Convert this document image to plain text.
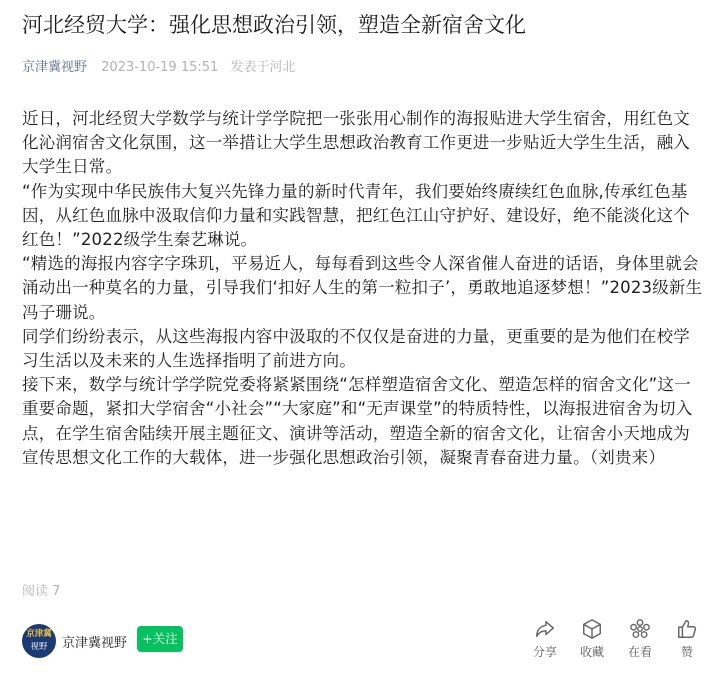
河北经贸大学：强化思想政治引领，塑造全新宿舍文化
京津冀视野 2023-10-19 15:51 发表于河北

近日，河北经贸大学数学与统计学学院把一张张用心制作的海报贴进大学生宿舍，用红色文化沁润宿舍文化氛围，这一举措让大学生思想政治教育工作更进一步贴近大学生生活，融入大学生日常。

“作为实现中华民族伟大复兴先锋力量的新时代青年，我们要始终赓续红色血脉,传承红色基因，从红色血脉中汲取信仰力量和实践智慧，把红色江山守护好、建设好，绝不能淡化这个红色！”2022级学生秦艺琳说。

“精选的海报内容字字珠玑，平易近人，每每看到这些令人深省催人奋进的话语，身体里就会涌动出一种莫名的力量，引导我们‘扣好人生的第一粒扣子’，勇敢地追逐梦想！”2023级新生冯子珊说。

同学们纷纷表示，从这些海报内容中汲取的不仅仅是奋进的力量，更重要的是为他们在校学习生活以及未来的人生选择指明了前进方向。

接下来，数学与统计学学院党委将紧紧围绕“怎样塑造宿舍文化、塑造怎样的宿舍文化”这一重要命题，紧扣大学宿舍“小社会”“大家庭”和“无声课堂”的特质特性，以海报进宿舍为切入点，在学生宿舍陆续开展主题征文、演讲等活动，塑造全新的宿舍文化，让宿舍小天地成为宣传思想文化工作的大载体，进一步强化思想政治引领，凝聚青春奋进力量。（刘贵来）

阅读 7
京津冀
视野	京津冀视野	+关注
分享	收藏	在看	赞
